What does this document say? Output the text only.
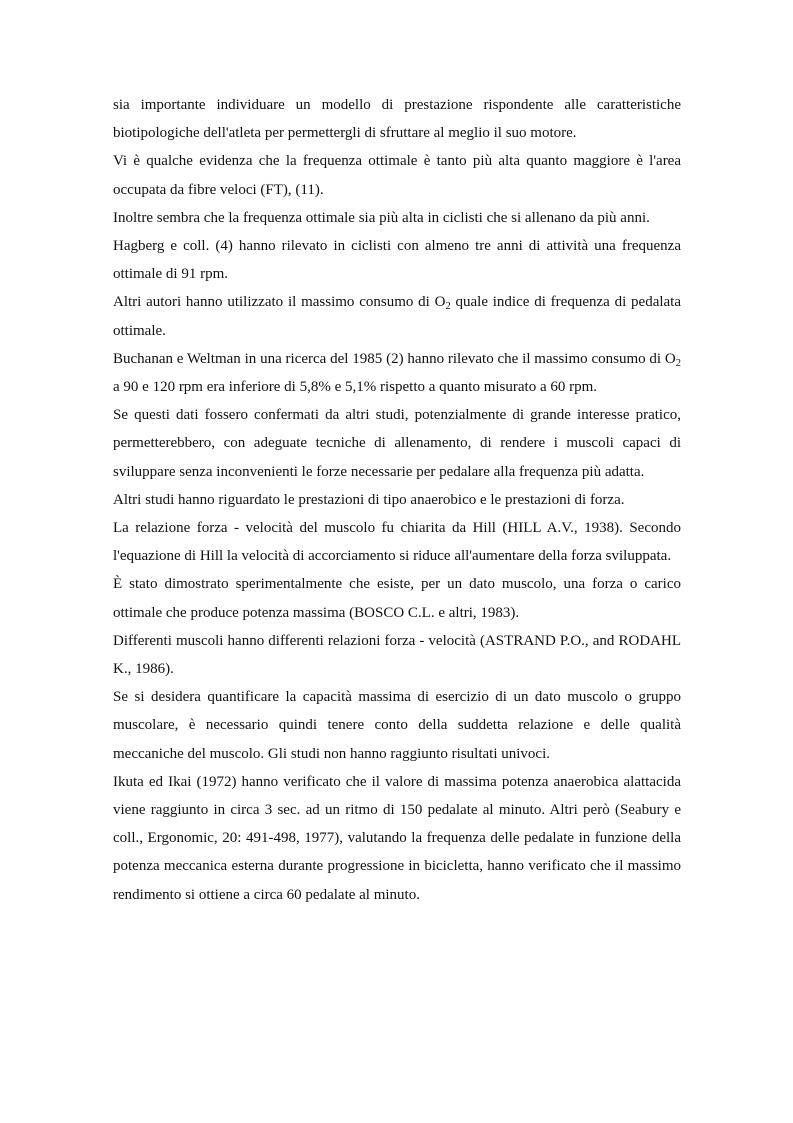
sia importante individuare un modello di prestazione rispondente alle caratteristiche biotipologiche dell'atleta per permettergli di sfruttare al meglio il suo motore.

Vi è qualche evidenza che la frequenza ottimale è tanto più alta quanto maggiore è l'area occupata da fibre veloci (FT), (11).

Inoltre sembra che la frequenza ottimale sia più alta in ciclisti che si allenano da più anni.

Hagberg e coll. (4) hanno rilevato in ciclisti con almeno tre anni di attività una frequenza ottimale di 91 rpm.

Altri autori hanno utilizzato il massimo consumo di $O_2$ quale indice di frequenza di pedalata ottimale.

Buchanan e Weltman in una ricerca del 1985 (2) hanno rilevato che il massimo consumo di $O_2$ a 90 e 120 rpm era inferiore di 5,8% e 5,1% rispetto a quanto misurato a 60 rpm.

Se questi dati fossero confermati da altri studi, potenzialmente di grande interesse pratico, permetterebbero, con adeguate tecniche di allenamento, di rendere i muscoli capaci di sviluppare senza inconvenienti le forze necessarie per pedalare alla frequenza più adatta.

Altri studi hanno riguardato le prestazioni di tipo anaerobico e le prestazioni di forza.

La relazione forza - velocità del muscolo fu chiarita da Hill (HILL A.V., 1938). Secondo l'equazione di Hill la velocità di accorciamento si riduce all'aumentare della forza sviluppata.

È stato dimostrato sperimentalmente che esiste, per un dato muscolo, una forza o carico ottimale che produce potenza massima (BOSCO C.L. e altri, 1983).

Differenti muscoli hanno differenti relazioni forza - velocità (ASTRAND P.O., and RODAHL K., 1986).

Se si desidera quantificare la capacità massima di esercizio di un dato muscolo o gruppo muscolare, è necessario quindi tenere conto della suddetta relazione e delle qualità meccaniche del muscolo. Gli studi non hanno raggiunto risultati univoci.

Ikuta ed Ikai (1972) hanno verificato che il valore di massima potenza anaerobica alattacida viene raggiunto in circa 3 sec. ad un ritmo di 150 pedalate al minuto. Altri però (Seabury e coll., Ergonomic, 20: 491-498, 1977), valutando la frequenza delle pedalate in funzione della potenza meccanica esterna durante progressione in bicicletta, hanno verificato che il massimo rendimento si ottiene a circa 60 pedalate al minuto.
